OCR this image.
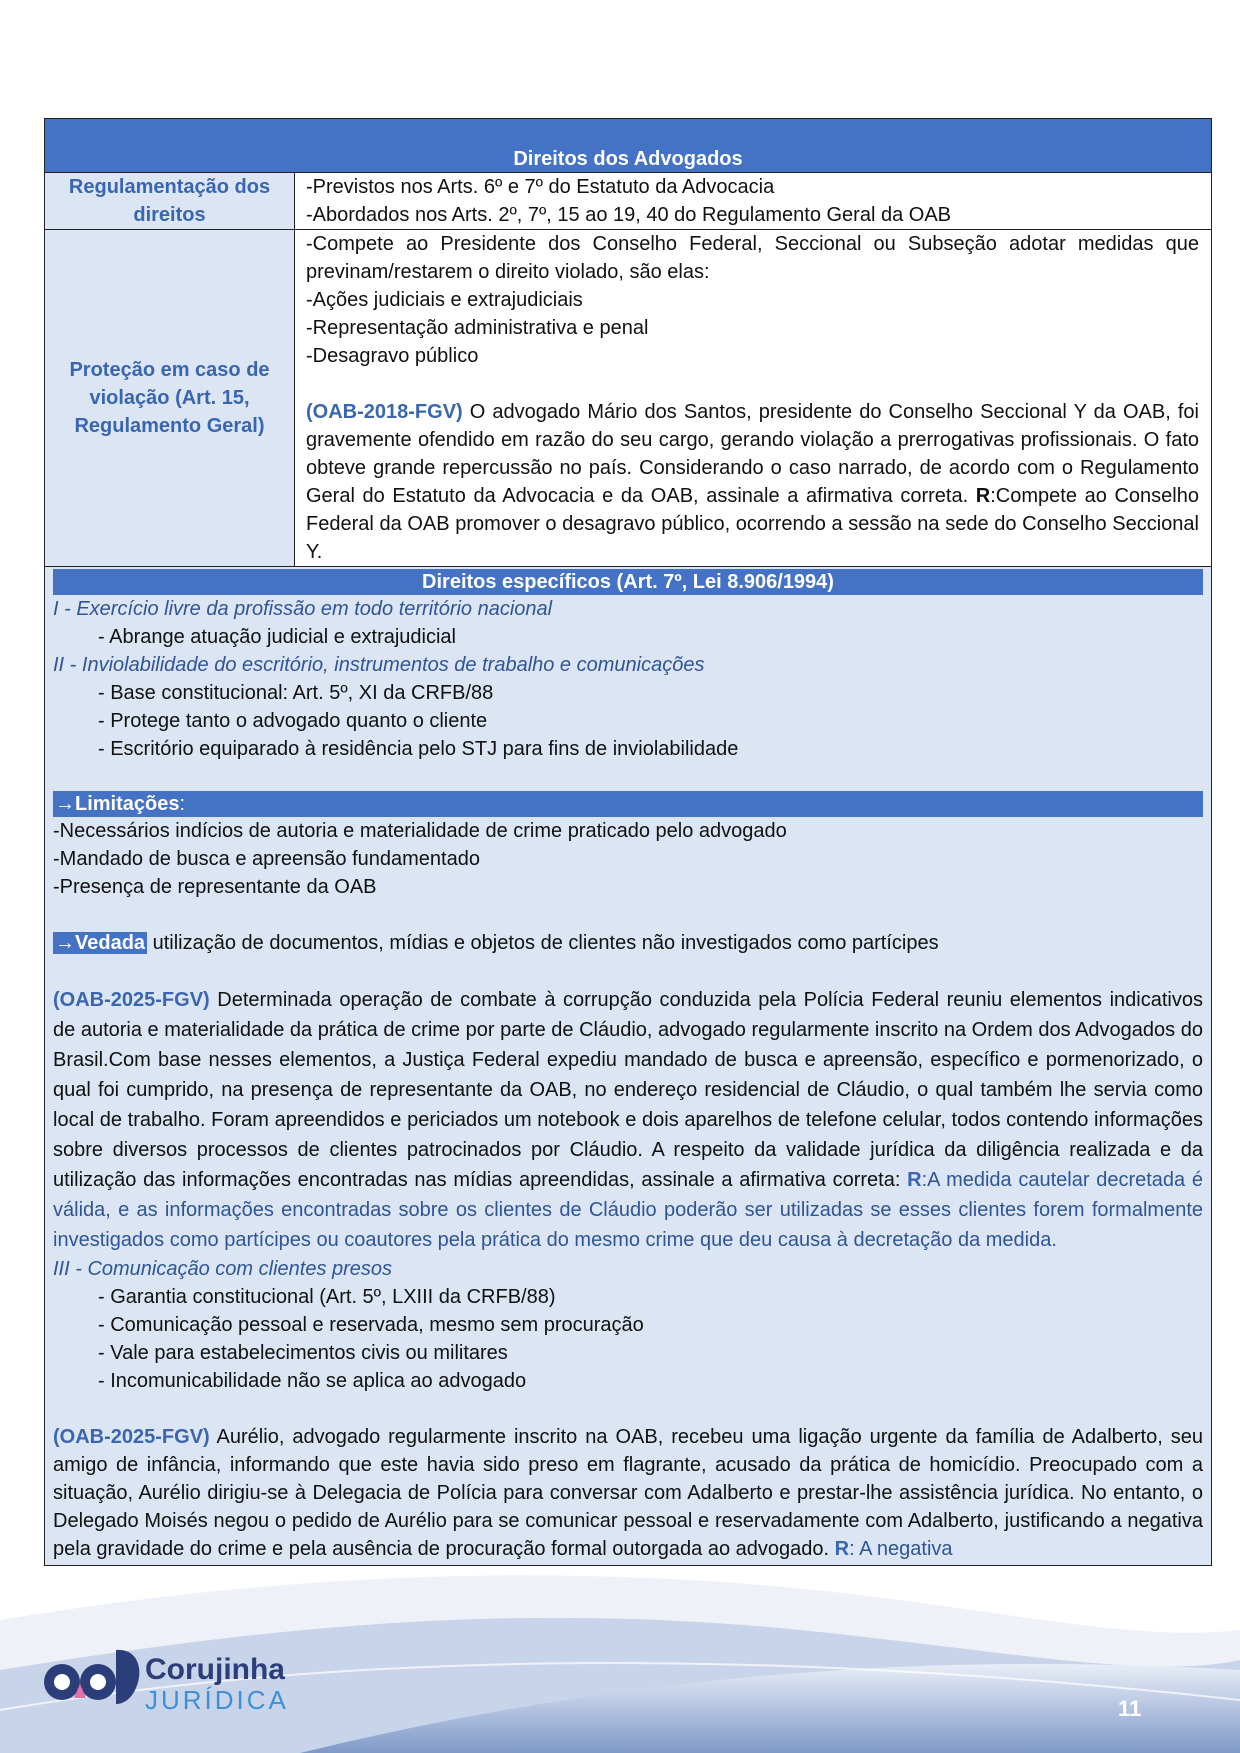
Direitos dos Advogados
Regulamentação dos direitos

-Previstos nos Arts. 6º e 7º do Estatuto da Advocacia

-Abordados nos Arts. 2º, 7º, 15 ao 19, 40 do Regulamento Geral da OAB

Proteção em caso de violação (Art. 15, Regulamento Geral)

-Compete ao Presidente dos Conselho Federal, Seccional ou Subseção adotar medidas que previnam/restarem o direito violado, são elas:

-Ações judiciais e extrajudiciais

-Representação administrativa e penal

-Desagravo público

(OAB-2018-FGV) O advogado Mário dos Santos, presidente do Conselho Seccional Y da OAB, foi gravemente ofendido em razão do seu cargo, gerando violação a prerrogativas profissionais. O fato obteve grande repercussão no país. Considerando o caso narrado, de acordo com o Regulamento Geral do Estatuto da Advocacia e da OAB, assinale a afirmativa correta. R:Compete ao Conselho Federal da OAB promover o desagravo público, ocorrendo a sessão na sede do Conselho Seccional Y.

Direitos específicos (Art. 7º, Lei 8.906/1994)

I - Exercício livre da profissão em todo território nacional

- Abrange atuação judicial e extrajudicial

II - Inviolabilidade do escritório, instrumentos de trabalho e comunicações

- Base constitucional: Art. 5º, XI da CRFB/88

- Protege tanto o advogado quanto o cliente

- Escritório equiparado à residência pelo STJ para fins de inviolabilidade

→Limitações:

-Necessários indícios de autoria e materialidade de crime praticado pelo advogado

-Mandado de busca e apreensão fundamentado

-Presença de representante da OAB

→Vedada utilização de documentos, mídias e objetos de clientes não investigados como partícipes

(OAB-2025-FGV) Determinada operação de combate à corrupção conduzida pela Polícia Federal reuniu elementos indicativos de autoria e materialidade da prática de crime por parte de Cláudio, advogado regularmente inscrito na Ordem dos Advogados do Brasil.Com base nesses elementos, a Justiça Federal expediu mandado de busca e apreensão, específico e pormenorizado, o qual foi cumprido, na presença de representante da OAB, no endereço residencial de Cláudio, o qual também lhe servia como local de trabalho. Foram apreendidos e periciados um notebook e dois aparelhos de telefone celular, todos contendo informações sobre diversos processos de clientes patrocinados por Cláudio. A respeito da validade jurídica da diligência realizada e da utilização das informações encontradas nas mídias apreendidas, assinale a afirmativa correta: R:A medida cautelar decretada é válida, e as informações encontradas sobre os clientes de Cláudio poderão ser utilizadas se esses clientes forem formalmente investigados como partícipes ou coautores pela prática do mesmo crime que deu causa à decretação da medida.

III - Comunicação com clientes presos

- Garantia constitucional (Art. 5º, LXIII da CRFB/88)

- Comunicação pessoal e reservada, mesmo sem procuração

- Vale para estabelecimentos civis ou militares

- Incomunicabilidade não se aplica ao advogado

(OAB-2025-FGV) Aurélio, advogado regularmente inscrito na OAB, recebeu uma ligação urgente da família de Adalberto, seu amigo de infância, informando que este havia sido preso em flagrante, acusado da prática de homicídio. Preocupado com a situação, Aurélio dirigiu-se à Delegacia de Polícia para conversar com Adalberto e prestar-lhe assistência jurídica. No entanto, o Delegado Moisés negou o pedido de Aurélio para se comunicar pessoal e reservadamente com Adalberto, justificando a negativa pela gravidade do crime e pela ausência de procuração formal outorgada ao advogado. R: A negativa

Corujinha
JURÍDICA	11
